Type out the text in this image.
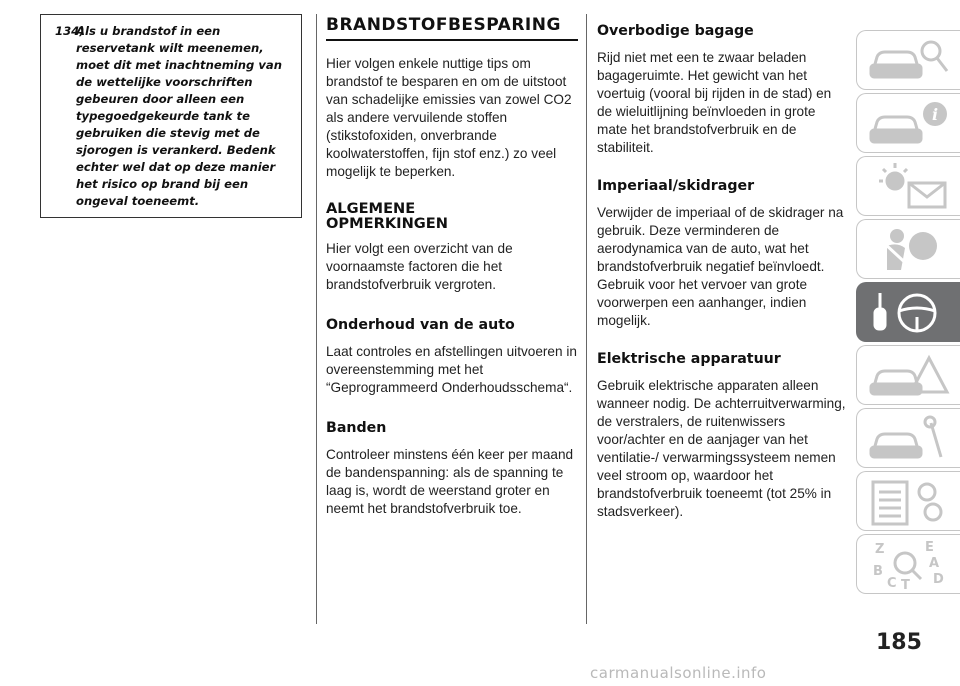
134)
Als u brandstof in een reservetank wilt meenemen, moet dit met inachtneming van de wettelijke voorschriften gebeuren door alleen een typegoedgekeurde tank te gebruiken die stevig met de sjorogen is verankerd. Bedenk echter wel dat op deze manier het risico op brand bij een ongeval toeneemt.
BRANDSTOFBESPARING

Hier volgen enkele nuttige tips om brandstof te besparen en om de uitstoot van schadelijke emissies van zowel CO2 als andere vervuilende stoffen (stikstofoxiden, onverbrande koolwaterstoffen, fijn stof enz.) zo veel mogelijk te beperken.

ALGEMENE
OPMERKINGEN

Hier volgt een overzicht van de voornaamste factoren die het brandstofverbruik vergroten.

Onderhoud van de auto

Laat controles en afstellingen uitvoeren in overeenstemming met het “Geprogrammeerd Onderhoudsschema“.

Banden

Controleer minstens één keer per maand de bandenspanning: als de spanning te laag is, wordt de weerstand groter en neemt het brandstofverbruik toe.

Overbodige bagage

Rijd niet met een te zwaar beladen bagageruimte. Het gewicht van het voertuig (vooral bij rijden in de stad) en de wieluitlijning beïnvloeden in grote mate het brandstofverbruik en de stabiliteit.

Imperiaal/skidrager

Verwijder de imperiaal of de skidrager na gebruik. Deze verminderen de aerodynamica van de auto, wat het brandstofverbruik negatief beïnvloedt. Gebruik voor het vervoer van grote voorwerpen een aanhanger, indien mogelijk.

Elektrische apparatuur

Gebruik elektrische apparaten alleen wanneer nodig. De achterruitverwarming, de verstralers, de ruitenwissers voor/achter en de aanjager van het ventilatie-/ verwarmingssysteem nemen veel stroom op, waardoor het brandstofverbruik toeneemt (tot 25% in stadsverkeer).

i
Z	E
A
B
C T D
185
carmanualsonline.info
